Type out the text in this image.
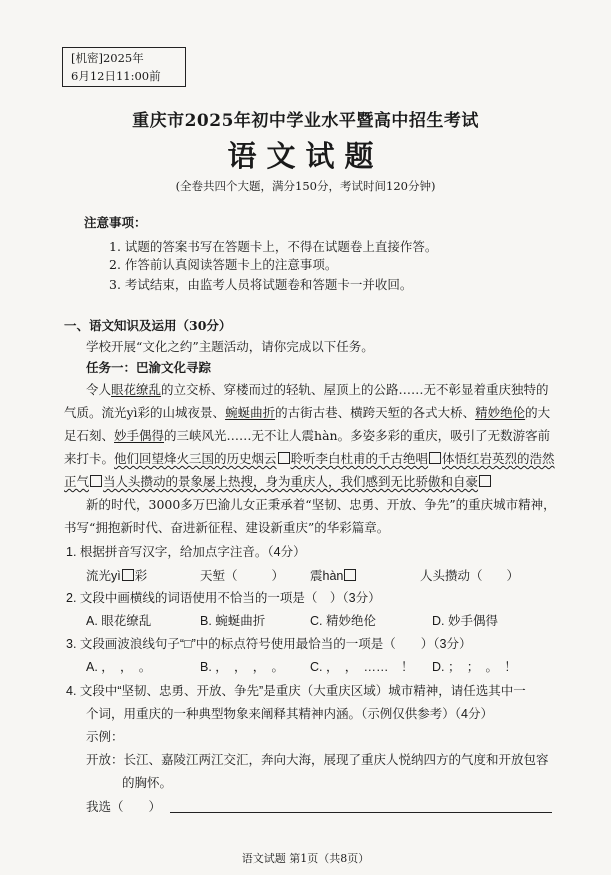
[机密]2025年
6月12日11:00前
重庆市2025年初中学业水平暨高中招生考试
语文试题
(全卷共四个大题，满分150分，考试时间120分钟)
注意事项：
1. 试题的答案书写在答题卡上，不得在试题卷上直接作答。
2. 作答前认真阅读答题卡上的注意事项。
3. 考试结束，由监考人员将试题卷和答题卡一并收回。
一、语文知识及运用（30分）
学校开展“文化之约”主题活动，请你完成以下任务。
任务一：巴渝文化寻踪
令人眼花缭乱的立交桥、穿楼而过的轻轨、屋顶上的公路……无不彰显着重庆独特的
气质。流光yì彩的山城夜景、蜿蜒曲折的古街古巷、横跨天堑的各式大桥、精妙绝伦的大
足石刻、妙手偶得的三峡风光……无不让人震hàn。多姿多彩的重庆，吸引了无数游客前
来打卡。他们回望烽火三国的历史烟云 聆听李白杜甫的千古绝唱 体悟红岩英烈的浩然
正气 当人头攒动的景象屡上热搜，身为重庆人，我们感到无比骄傲和自豪
新的时代，3000多万巴渝儿女正秉承着“坚韧、忠勇、开放、争先”的重庆城市精神，
书写“拥抱新时代、奋进新征程、建设新重庆”的华彩篇章。
1. 根据拼音写汉字，给加点字注音。（4分）
流光yì 彩	天堑（	） 震hàn	人头攒动（ ）
2. 文段中画横线的词语使用不恰当的一项是（　）（3分）
A. 眼花缭乱	B. 蜿蜒曲折	C. 精妙绝伦	D. 妙手偶得
3. 文段画波浪线句子“□”中的标点符号使用最恰当的一项是（　　）（3分）
A. ，　，　。	B. ，　，　，　。 C. ，　，　……　！ D. ；　；　。　！
4. 文段中“坚韧、忠勇、开放、争先”是重庆（大重庆区域）城市精神，请任选其中一
个词，用重庆的一种典型物象来阐释其精神内涵。（示例仅供参考）（4分）
示例：
开放：长江、嘉陵江两江交汇，奔向大海，展现了重庆人悦纳四方的气度和开放包容
的胸怀。
我选（　　）
语文试题 第1页（共8页）
